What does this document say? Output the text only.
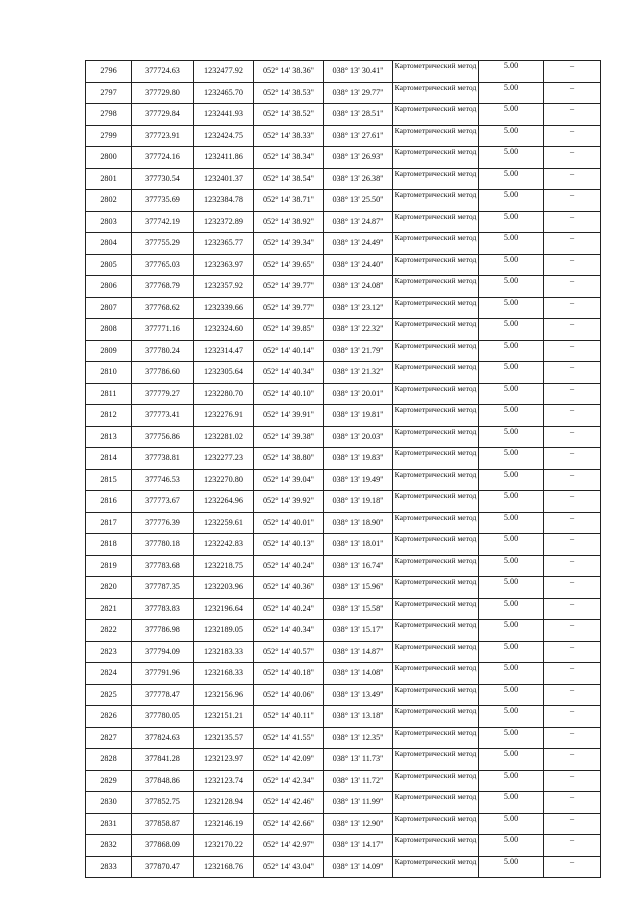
2796	377724.63	1232477.92	052° 14' 38.36"	038° 13' 30.41"	Картометрический метод	5.00	–
2797	377729.80	1232465.70	052° 14' 38.53"	038° 13' 29.77"	Картометрический метод	5.00	–
2798	377729.84	1232441.93	052° 14' 38.52"	038° 13' 28.51"	Картометрический метод	5.00	–
2799	377723.91	1232424.75	052° 14' 38.33"	038° 13' 27.61"	Картометрический метод	5.00	–
2800	377724.16	1232411.86	052° 14' 38.34"	038° 13' 26.93"	Картометрический метод	5.00	–
2801	377730.54	1232401.37	052° 14' 38.54"	038° 13' 26.38"	Картометрический метод	5.00	–
2802	377735.69	1232384.78	052° 14' 38.71"	038° 13' 25.50"	Картометрический метод	5.00	–
2803	377742.19	1232372.89	052° 14' 38.92"	038° 13' 24.87"	Картометрический метод	5.00	–
2804	377755.29	1232365.77	052° 14' 39.34"	038° 13' 24.49"	Картометрический метод	5.00	–
2805	377765.03	1232363.97	052° 14' 39.65"	038° 13' 24.40"	Картометрический метод	5.00	–
2806	377768.79	1232357.92	052° 14' 39.77"	038° 13' 24.08"	Картометрический метод	5.00	–
2807	377768.62	1232339.66	052° 14' 39.77"	038° 13' 23.12"	Картометрический метод	5.00	–
2808	377771.16	1232324.60	052° 14' 39.85"	038° 13' 22.32"	Картометрический метод	5.00	–
2809	377780.24	1232314.47	052° 14' 40.14"	038° 13' 21.79"	Картометрический метод	5.00	–
2810	377786.60	1232305.64	052° 14' 40.34"	038° 13' 21.32"	Картометрический метод	5.00	–
2811	377779.27	1232280.70	052° 14' 40.10"	038° 13' 20.01"	Картометрический метод	5.00	–
2812	377773.41	1232276.91	052° 14' 39.91"	038° 13' 19.81"	Картометрический метод	5.00	–
2813	377756.86	1232281.02	052° 14' 39.38"	038° 13' 20.03"	Картометрический метод	5.00	–
2814	377738.81	1232277.23	052° 14' 38.80"	038° 13' 19.83"	Картометрический метод	5.00	–
2815	377746.53	1232270.80	052° 14' 39.04"	038° 13' 19.49"	Картометрический метод	5.00	–
2816	377773.67	1232264.96	052° 14' 39.92"	038° 13' 19.18"	Картометрический метод	5.00	–
2817	377776.39	1232259.61	052° 14' 40.01"	038° 13' 18.90"	Картометрический метод	5.00	–
2818	377780.18	1232242.83	052° 14' 40.13"	038° 13' 18.01"	Картометрический метод	5.00	–
2819	377783.68	1232218.75	052° 14' 40.24"	038° 13' 16.74"	Картометрический метод	5.00	–
2820	377787.35	1232203.96	052° 14' 40.36"	038° 13' 15.96"	Картометрический метод	5.00	–
2821	377783.83	1232196.64	052° 14' 40.24"	038° 13' 15.58"	Картометрический метод	5.00	–
2822	377786.98	1232189.05	052° 14' 40.34"	038° 13' 15.17"	Картометрический метод	5.00	–
2823	377794.09	1232183.33	052° 14' 40.57"	038° 13' 14.87"	Картометрический метод	5.00	–
2824	377791.96	1232168.33	052° 14' 40.18"	038° 13' 14.08"	Картометрический метод	5.00	–
2825	377778.47	1232156.96	052° 14' 40.06"	038° 13' 13.49"	Картометрический метод	5.00	–
2826	377780.05	1232151.21	052° 14' 40.11"	038° 13' 13.18"	Картометрический метод	5.00	–
2827	377824.63	1232135.57	052° 14' 41.55"	038° 13' 12.35"	Картометрический метод	5.00	–
2828	377841.28	1232123.97	052° 14' 42.09"	038° 13' 11.73"	Картометрический метод	5.00	–
2829	377848.86	1232123.74	052° 14' 42.34"	038° 13' 11.72"	Картометрический метод	5.00	–
2830	377852.75	1232128.94	052° 14' 42.46"	038° 13' 11.99"	Картометрический метод	5.00	–
2831	377858.87	1232146.19	052° 14' 42.66"	038° 13' 12.90"	Картометрический метод	5.00	–
2832	377868.09	1232170.22	052° 14' 42.97"	038° 13' 14.17"	Картометрический метод	5.00	–
2833	377870.47	1232168.76	052° 14' 43.04"	038° 13' 14.09"	Картометрический метод	5.00	–
